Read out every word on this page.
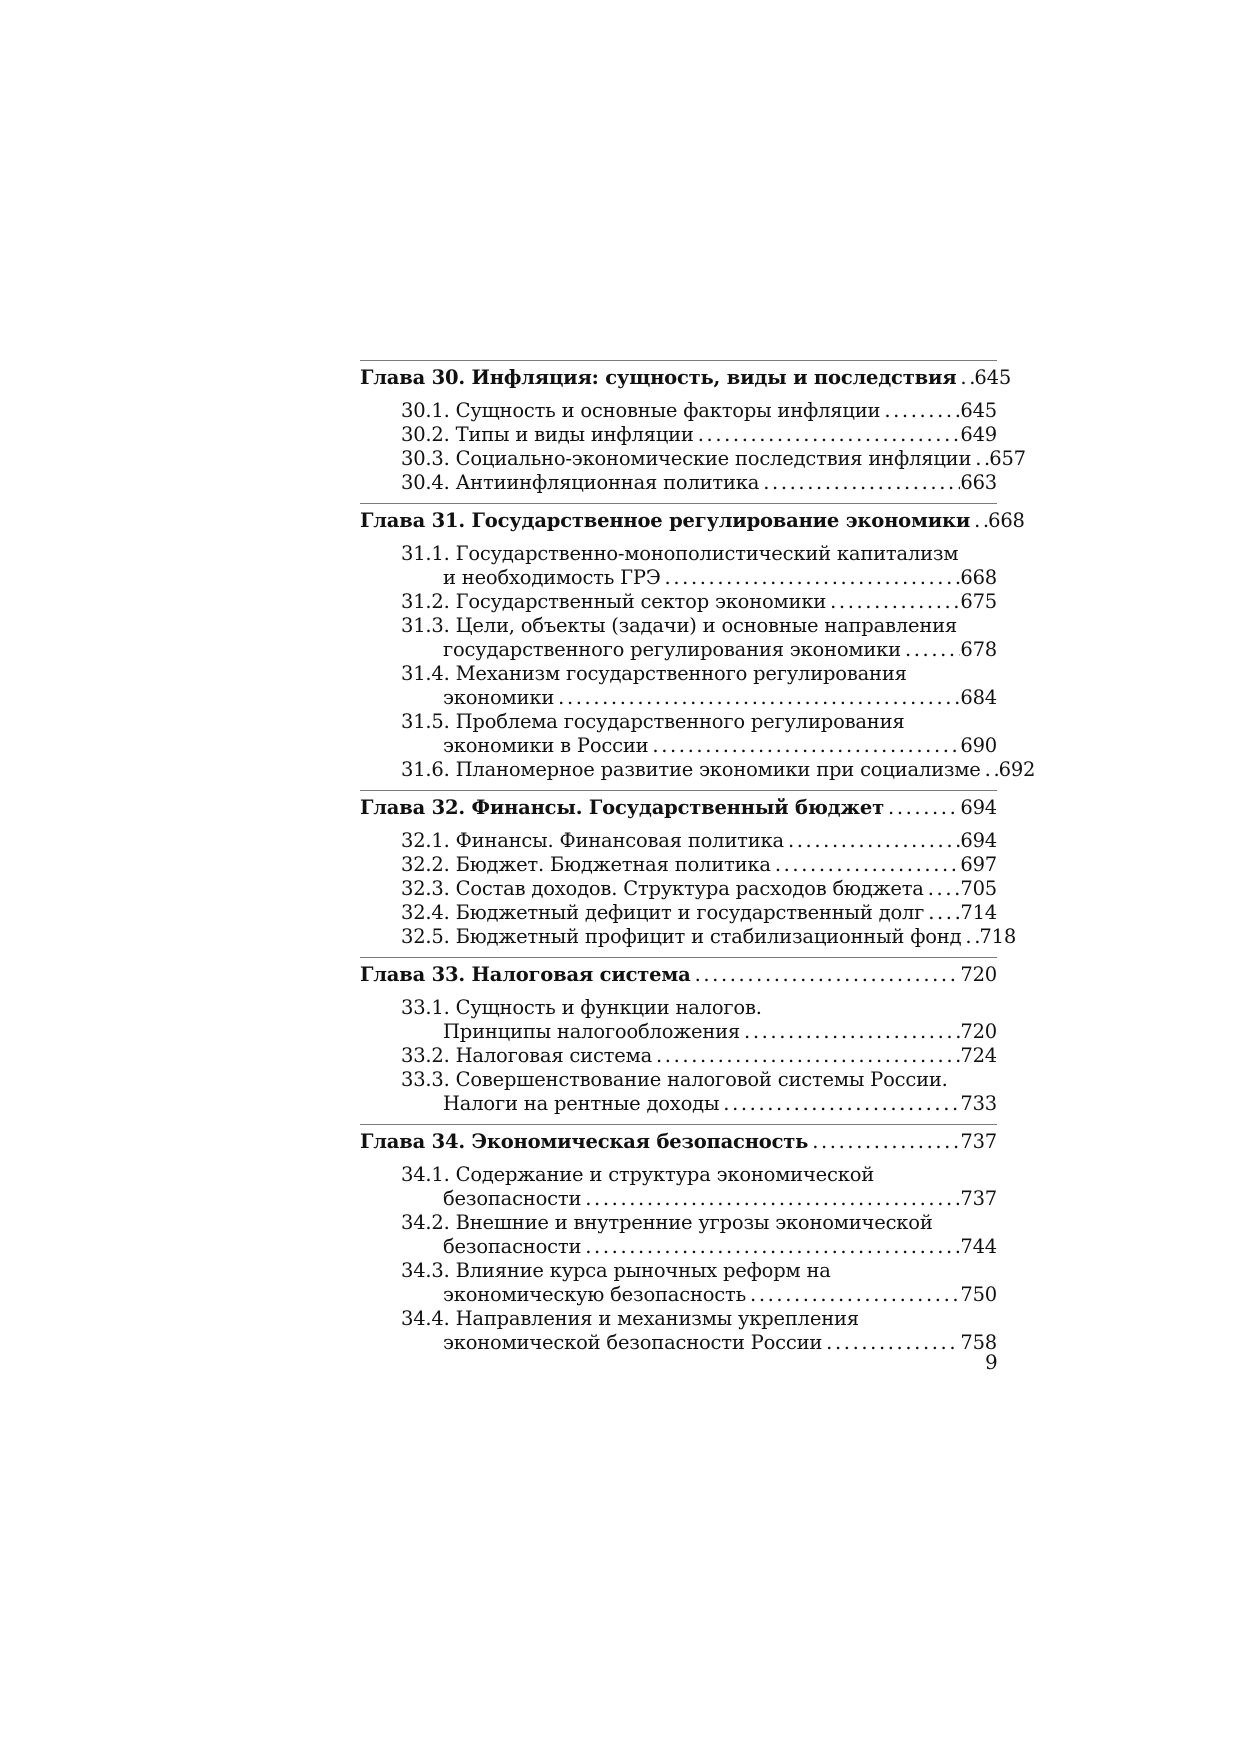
Глава 30. Инфляция: сущность, виды и последствия ..... 645
30.1. Сущность и основные факторы инфляции .....	645
30.2. Типы и виды инфляции .....	649
30.3. Социально-экономические последствия инфляции ..... 657
30.4. Антиинфляционная политика .....	663
Глава 31. Государственное регулирование экономики ..... 668
31.1. Государственно-монополистический капитализм
и необходимость ГРЭ .....	668
31.2. Государственный сектор экономики .....	675
31.3. Цели, объекты (задачи) и основные направления
государственного регулирования экономики .....	678
31.4. Механизм государственного регулирования
экономики .....	684
31.5. Проблема государственного регулирования
экономики в России .....	690
31.6. Планомерное развитие экономики при социализме ..... 692
Глава 32. Финансы. Государственный бюджет .....	694
32.1. Финансы. Финансовая политика .....	694
32.2. Бюджет. Бюджетная политика .....	697
32.3. Состав доходов. Структура расходов бюджета ..... 705
32.4. Бюджетный дефицит и государственный долг ..... 714
32.5. Бюджетный профицит и стабилизационный фонд ..... 718
Глава 33. Налоговая система .....	720
33.1. Сущность и функции налогов.
Принципы налогообложения .....	720
33.2. Налоговая система .....	724
33.3. Совершенствование налоговой системы России.
Налоги на рентные доходы .....	733
Глава 34. Экономическая безопасность .....	737
34.1. Содержание и структура экономической
безопасности .....	737
34.2. Внешние и внутренние угрозы экономической
безопасности .....	744
34.3. Влияние курса рыночных реформ на
экономическую безопасность .....	750
34.4. Направления и механизмы укрепления
экономической безопасности России .....	758
9
